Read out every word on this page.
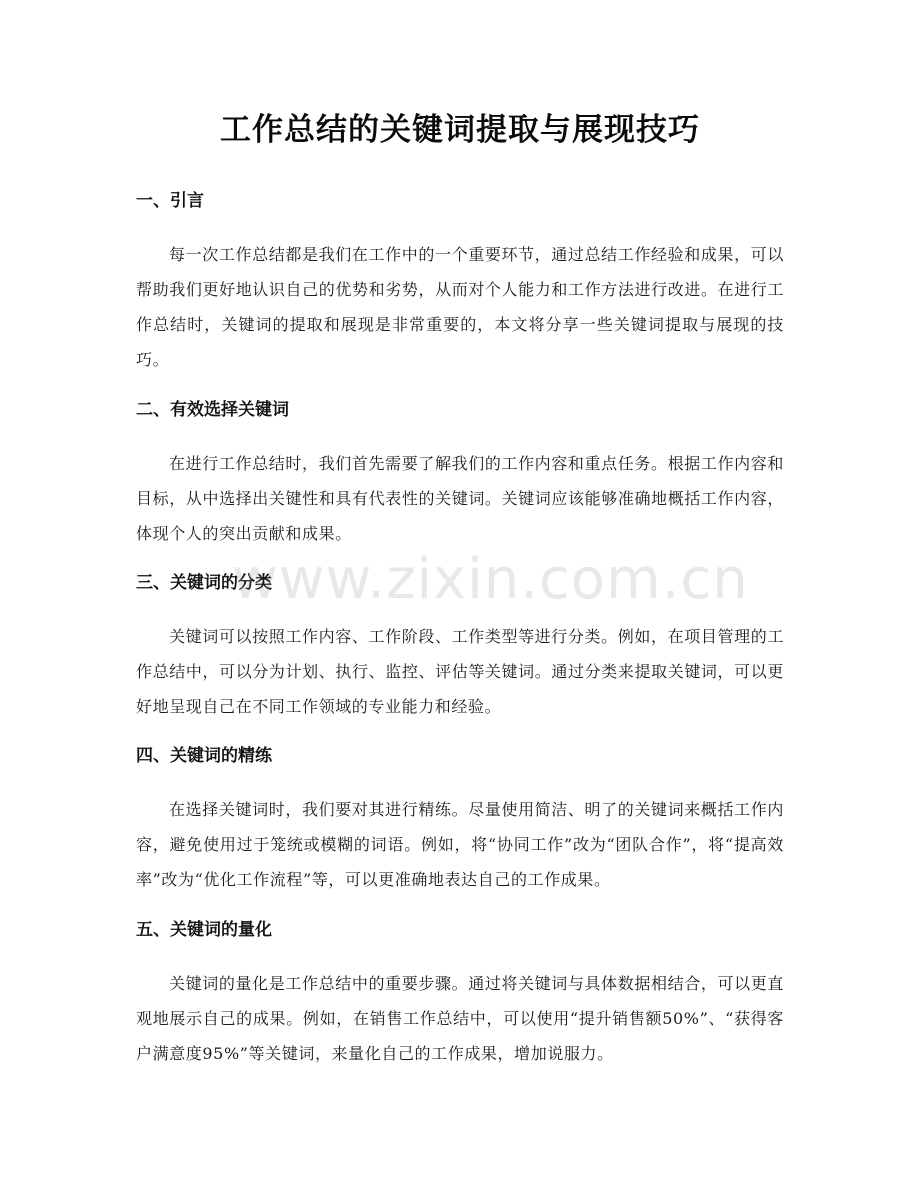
工作总结的关键词提取与展现技巧
一、引言

每一次工作总结都是我们在工作中的一个重要环节，通过总结工作经验和成果，可以帮助我们更好地认识自己的优势和劣势，从而对个人能力和工作方法进行改进。在进行工作总结时，关键词的提取和展现是非常重要的，本文将分享一些关键词提取与展现的技巧。

二、有效选择关键词

在进行工作总结时，我们首先需要了解我们的工作内容和重点任务。根据工作内容和目标，从中选择出关键性和具有代表性的关键词。关键词应该能够准确地概括工作内容，体现个人的突出贡献和成果。

三、关键词的分类

关键词可以按照工作内容、工作阶段、工作类型等进行分类。例如，在项目管理的工作总结中，可以分为计划、执行、监控、评估等关键词。通过分类来提取关键词，可以更好地呈现自己在不同工作领域的专业能力和经验。

四、关键词的精练

在选择关键词时，我们要对其进行精练。尽量使用简洁、明了的关键词来概括工作内容，避免使用过于笼统或模糊的词语。例如，将“协同工作”改为“团队合作”，将“提高效率”改为“优化工作流程”等，可以更准确地表达自己的工作成果。

五、关键词的量化

关键词的量化是工作总结中的重要步骤。通过将关键词与具体数据相结合，可以更直观地展示自己的成果。例如，在销售工作总结中，可以使用“提升销售额50%”、“获得客户满意度95%”等关键词，来量化自己的工作成果，增加说服力。

www.zixin.com.cn
